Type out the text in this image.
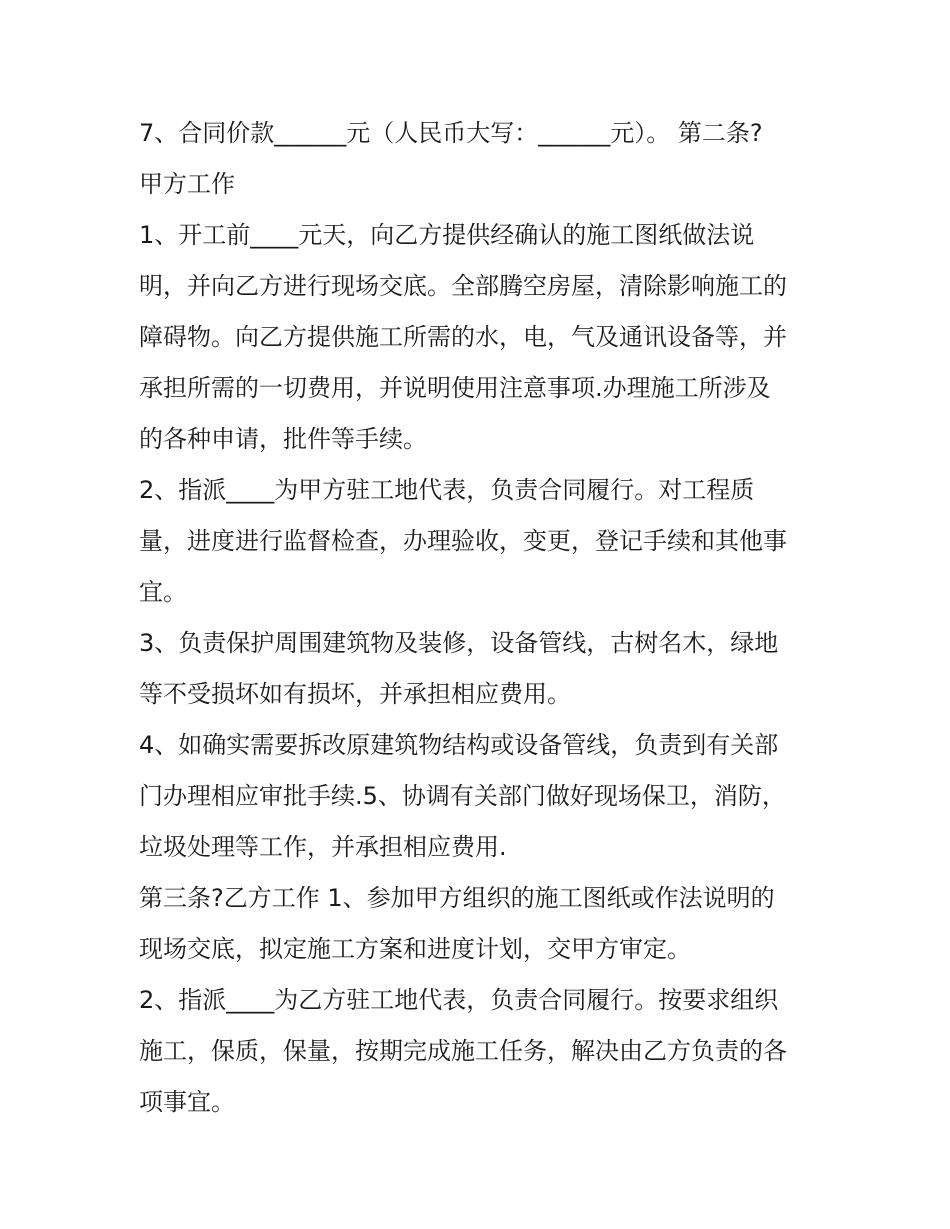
7、合同价款______元（人民币大写：______元）。 第二条?
甲方工作
1、开工前____元天，向乙方提供经确认的施工图纸做法说
明，并向乙方进行现场交底。全部腾空房屋，清除影响施工的
障碍物。向乙方提供施工所需的水，电，气及通讯设备等，并
承担所需的一切费用，并说明使用注意事项.办理施工所涉及
的各种申请，批件等手续。
2、指派____为甲方驻工地代表，负责合同履行。对工程质
量，进度进行监督检查，办理验收，变更，登记手续和其他事
宜。
3、负责保护周围建筑物及装修，设备管线，古树名木，绿地
等不受损坏如有损坏，并承担相应费用。
4、如确实需要拆改原建筑物结构或设备管线，负责到有关部
门办理相应审批手续.5、协调有关部门做好现场保卫，消防，
垃圾处理等工作，并承担相应费用.
第三条?乙方工作 1、参加甲方组织的施工图纸或作法说明的
现场交底，拟定施工方案和进度计划，交甲方审定。
2、指派____为乙方驻工地代表，负责合同履行。按要求组织
施工，保质，保量，按期完成施工任务，解决由乙方负责的各
项事宜。
